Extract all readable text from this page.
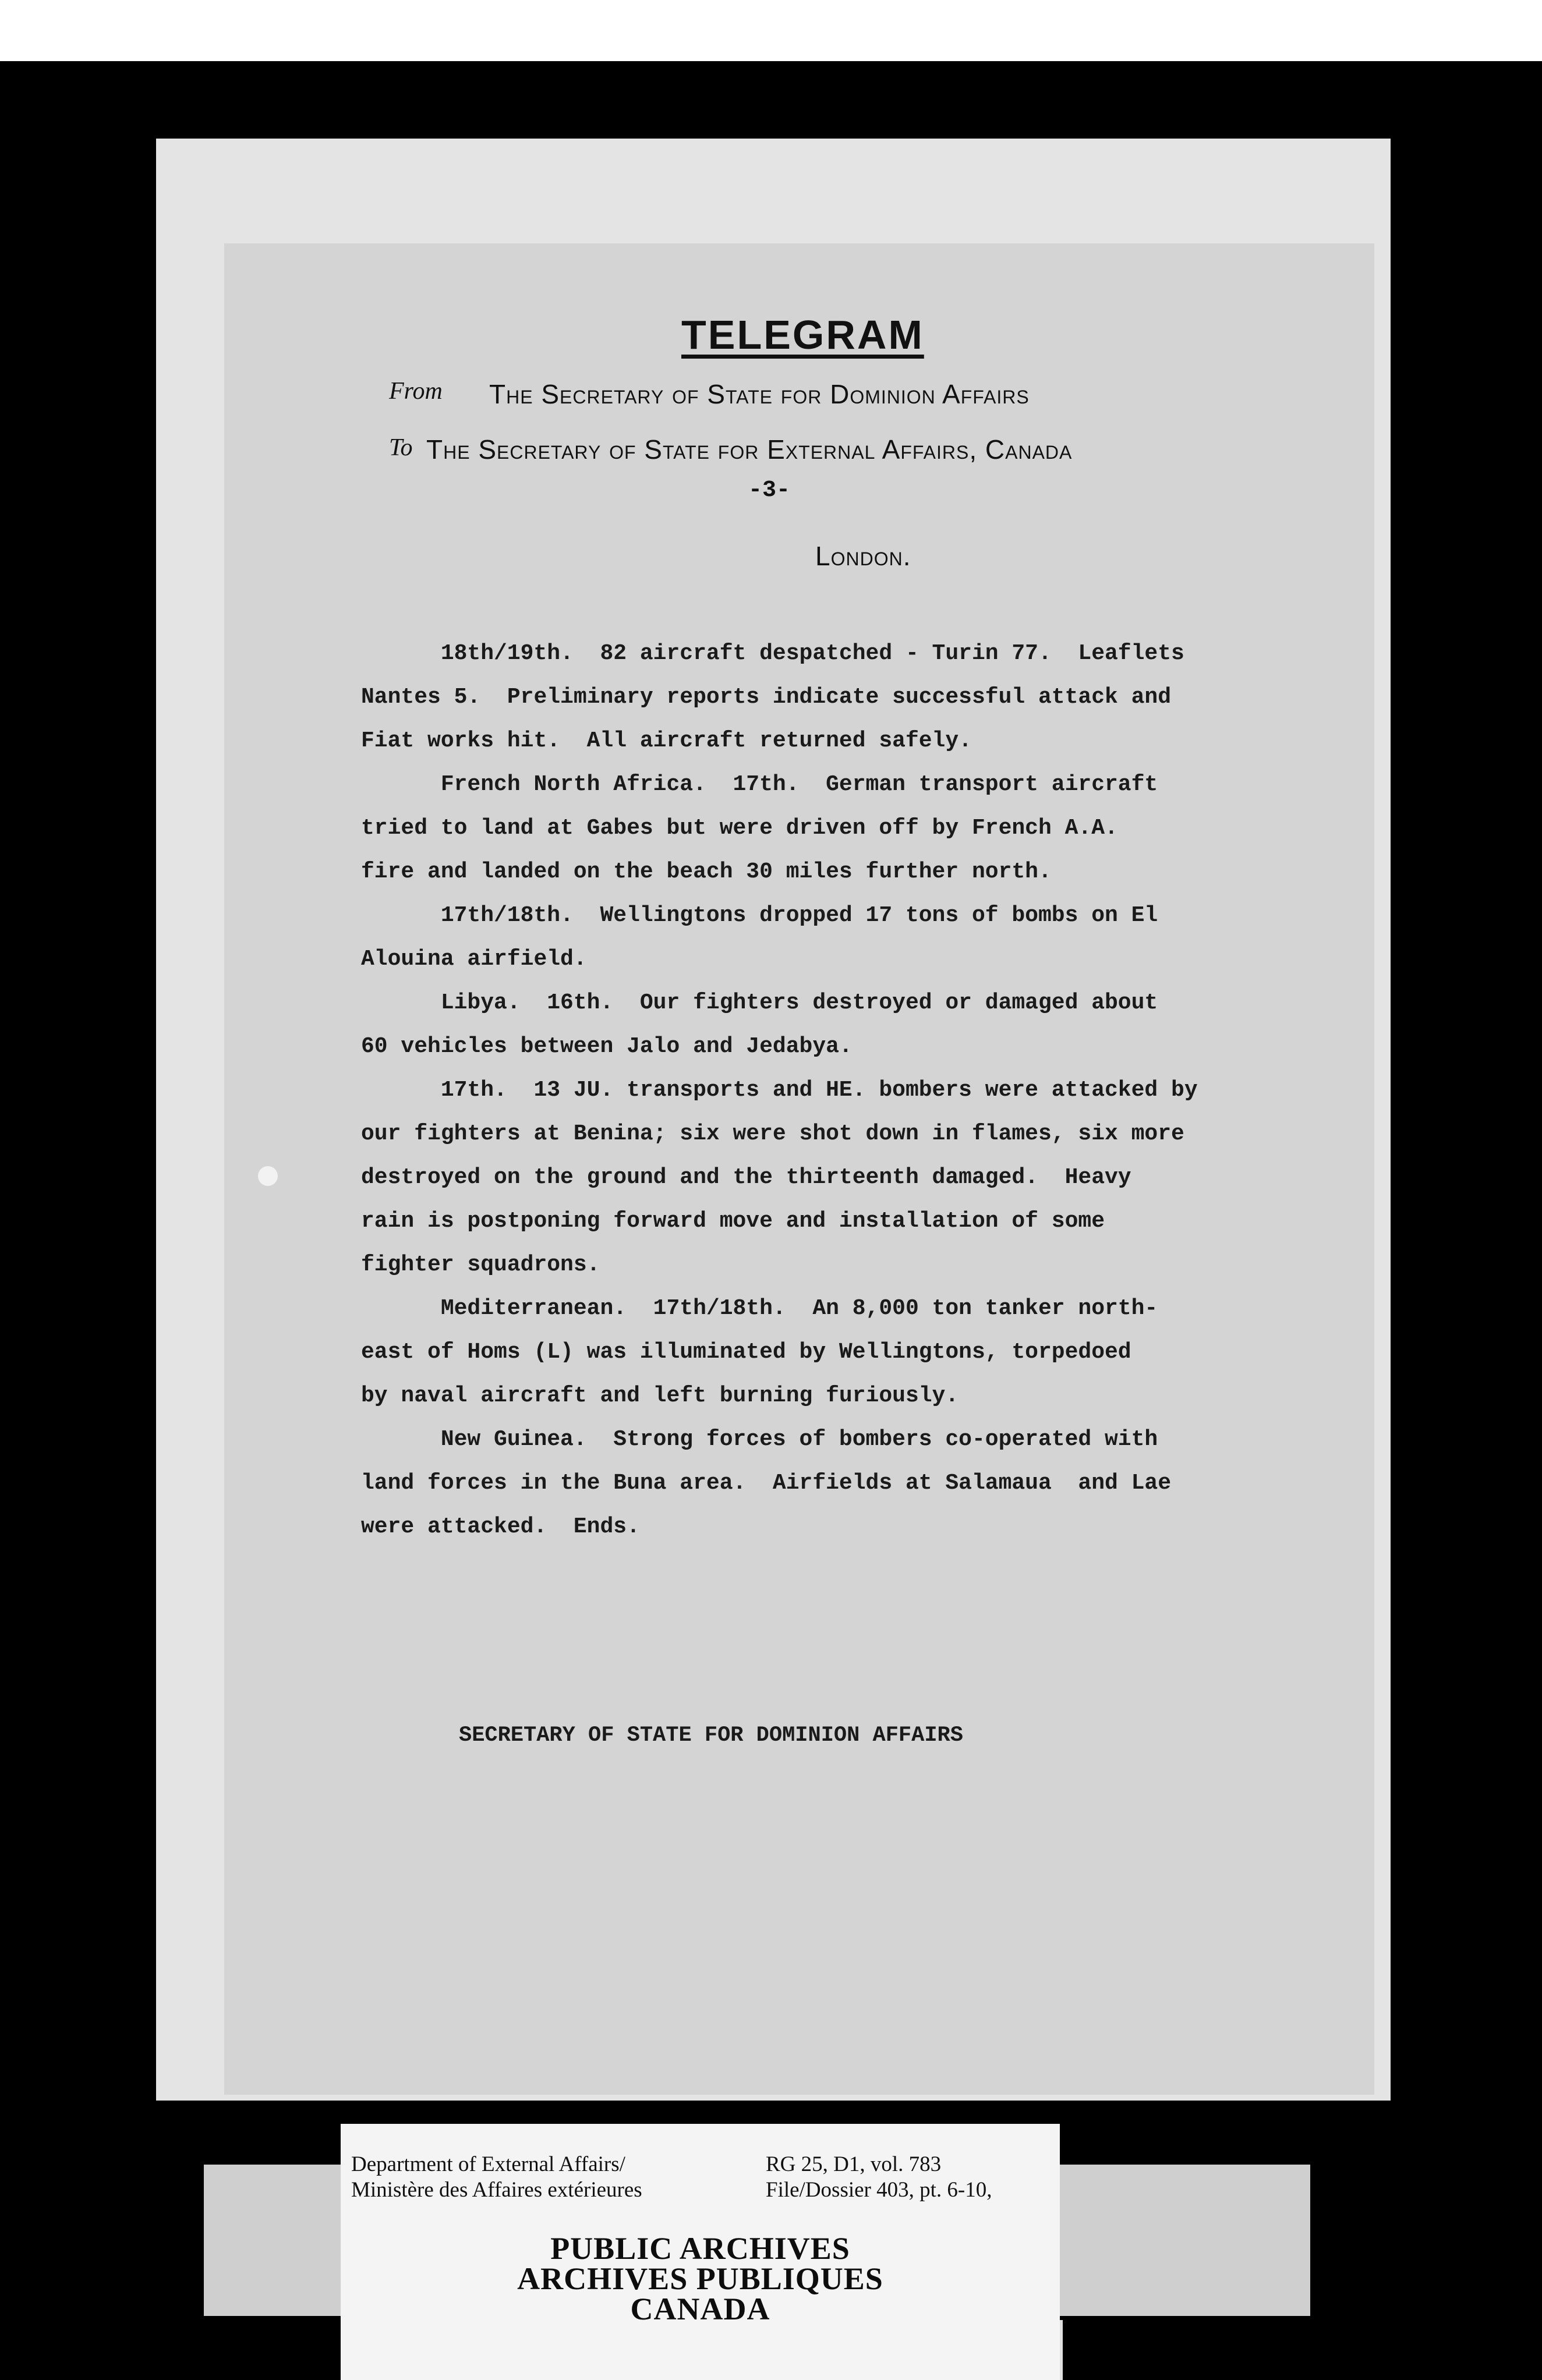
TELEGRAM
From The Secretary of State for Dominion Affairs
To The Secretary of State for External Affairs, Canada
-3-
London.
18th/19th.  82 aircraft despatched - Turin 77.  Leaflets
Nantes 5.  Preliminary reports indicate successful attack and
Fiat works hit.  All aircraft returned safely.
French North Africa.  17th.  German transport aircraft
tried to land at Gabes but were driven off by French A.A.
fire and landed on the beach 30 miles further north.
17th/18th.  Wellingtons dropped 17 tons of bombs on El
Alouina airfield.
Libya.  16th.  Our fighters destroyed or damaged about
60 vehicles between Jalo and Jedabya.
17th.  13 JU. transports and HE. bombers were attacked by
our fighters at Benina; six were shot down in flames, six more
destroyed on the ground and the thirteenth damaged.  Heavy
rain is postponing forward move and installation of some
fighter squadrons.
Mediterranean.  17th/18th.  An 8,000 ton tanker north-
east of Homs (L) was illuminated by Wellingtons, torpedoed
by naval aircraft and left burning furiously.
New Guinea.  Strong forces of bombers co-operated with
land forces in the Buna area.  Airfields at Salamaua  and Lae
were attacked.  Ends.
SECRETARY OF STATE FOR DOMINION AFFAIRS
Department of External Affairs/
Ministère des Affaires extérieures
RG 25, D1, vol. 783
File/Dossier 403, pt. 6-10,
PUBLIC ARCHIVES
ARCHIVES PUBLIQUES
CANADA
